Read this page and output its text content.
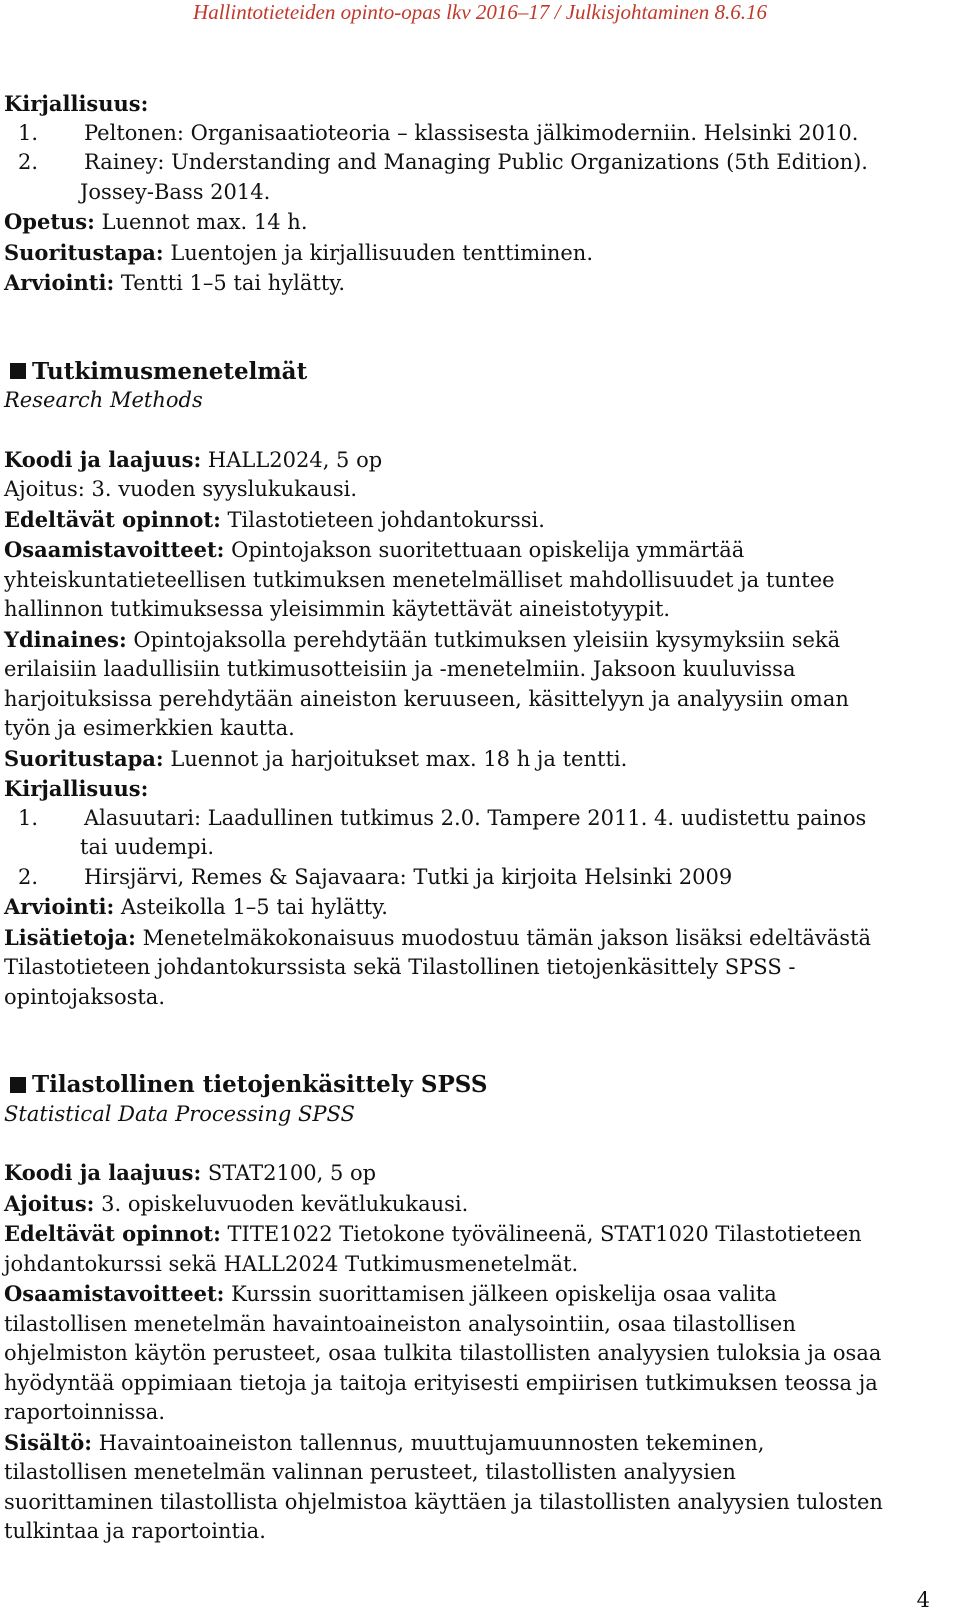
Hallintotieteiden opinto-opas lkv 2016–17 / Julkisjohtaminen 8.6.16

Kirjallisuus:

1. Peltonen: Organisaatioteoria – klassisesta jälkimoderniin. Helsinki 2010.

2. Rainey: Understanding and Managing Public Organizations (5th Edition).

Jossey-Bass 2014.

Opetus: Luennot max. 14 h.

Suoritustapa: Luentojen ja kirjallisuuden tenttiminen.

Arviointi: Tentti 1–5 tai hylätty.

Tutkimusmenetelmät

Research Methods

Koodi ja laajuus: HALL2024, 5 op

Ajoitus: 3. vuoden syyslukukausi.

Edeltävät opinnot: Tilastotieteen johdantokurssi.

Osaamistavoitteet: Opintojakson suoritettuaan opiskelija ymmärtää

yhteiskuntatieteellisen tutkimuksen menetelmälliset mahdollisuudet ja tuntee

hallinnon tutkimuksessa yleisimmin käytettävät aineistotyypit.

Ydinaines: Opintojaksolla perehdytään tutkimuksen yleisiin kysymyksiin sekä

erilaisiin laadullisiin tutkimusotteisiin ja -menetelmiin. Jaksoon kuuluvissa

harjoituksissa perehdytään aineiston keruuseen, käsittelyyn ja analyysiin oman

työn ja esimerkkien kautta.

Suoritustapa: Luennot ja harjoitukset max. 18 h ja tentti.

Kirjallisuus:

1. Alasuutari: Laadullinen tutkimus 2.0. Tampere 2011. 4. uudistettu painos

tai uudempi.

2. Hirsjärvi, Remes & Sajavaara: Tutki ja kirjoita Helsinki 2009

Arviointi: Asteikolla 1–5 tai hylätty.

Lisätietoja: Menetelmäkokonaisuus muodostuu tämän jakson lisäksi edeltävästä

Tilastotieteen johdantokurssista sekä Tilastollinen tietojenkäsittely SPSS -

opintojaksosta.

Tilastollinen tietojenkäsittely SPSS

Statistical Data Processing SPSS

Koodi ja laajuus: STAT2100, 5 op

Ajoitus: 3. opiskeluvuoden kevätlukukausi.

Edeltävät opinnot: TITE1022 Tietokone työvälineenä, STAT1020 Tilastotieteen

johdantokurssi sekä HALL2024 Tutkimusmenetelmät.

Osaamistavoitteet: Kurssin suorittamisen jälkeen opiskelija osaa valita

tilastollisen menetelmän havaintoaineiston analysointiin, osaa tilastollisen

ohjelmiston käytön perusteet, osaa tulkita tilastollisten analyysien tuloksia ja osaa

hyödyntää oppimiaan tietoja ja taitoja erityisesti empiirisen tutkimuksen teossa ja

raportoinnissa.

Sisältö: Havaintoaineiston tallennus, muuttujamuunnosten tekeminen,

tilastollisen menetelmän valinnan perusteet, tilastollisten analyysien

suorittaminen tilastollista ohjelmistoa käyttäen ja tilastollisten analyysien tulosten

tulkintaa ja raportointia.

4
